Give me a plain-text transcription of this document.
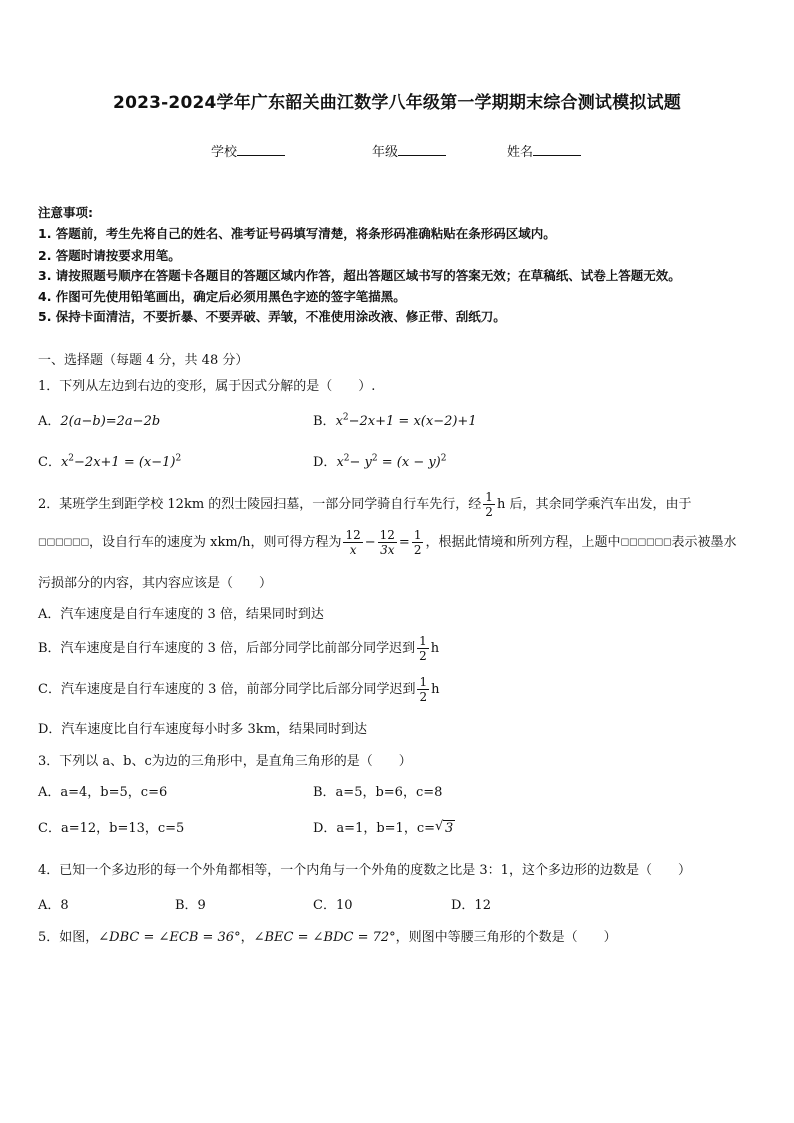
2023-2024学年广东韶关曲江数学八年级第一学期期末综合测试模拟试题
学校	年级	姓名
注意事项:
1. 答题前，考生先将自己的姓名、准考证号码填写清楚，将条形码准确粘贴在条形码区域内。
2. 答题时请按要求用笔。
3. 请按照题号顺序在答题卡各题目的答题区域内作答，超出答题区域书写的答案无效；在草稿纸、试卷上答题无效。
4. 作图可先使用铅笔画出，确定后必须用黑色字迹的签字笔描黑。
5. 保持卡面清洁，不要折暴、不要弄破、弄皱，不准使用涂改液、修正带、刮纸刀。
一、选择题（每题 4 分，共 48 分）
1．下列从左边到右边的变形，属于因式分解的是（　　）.
A．2(a−b)=2a−2b	B．$x^2-2x+1 = x(x-2)+1$
C．$x^2-2x+1 = (x-1)^2$	D．$x^2- y^2 = (x - y)^2$
2．某班学生到距学校 12km 的烈士陵园扫墓，一部分同学骑自行车先行，经 $\frac{1}{2}$ h 后，其余同学乘汽车出发，由于
□□□□□□，设自行车的速度为 xkm/h，则可得方程为 $\frac{12}{x} - \frac{12}{3x} = \frac{1}{2}$ ，根据此情境和所列方程，上题中□□□□□□表示被墨水
污损部分的内容，其内容应该是（　　）
A．汽车速度是自行车速度的 3 倍，结果同时到达
B．汽车速度是自行车速度的 3 倍，后部分同学比前部分同学迟到 $\frac{1}{2}$ h
C．汽车速度是自行车速度的 3 倍，前部分同学比后部分同学迟到 $\frac{1}{2}$ h
D．汽车速度比自行车速度每小时多 3km，结果同时到达
3．下列以 a、b、c为边的三角形中，是直角三角形的是（　　）
A．a=4，b=5，c=6	B．a=5，b=6，c=8
C．a=12，b=13，c=5	D．a=1，b=1，c= √ 3
4．已知一个多边形的每一个外角都相等，一个内角与一个外角的度数之比是 3：1，这个多边形的边数是（　　）
A．8	B．9	C．10	D．12
5．如图，∠DBC = ∠ECB = 36°，∠BEC = ∠BDC = 72°，则图中等腰三角形的个数是（　　）
